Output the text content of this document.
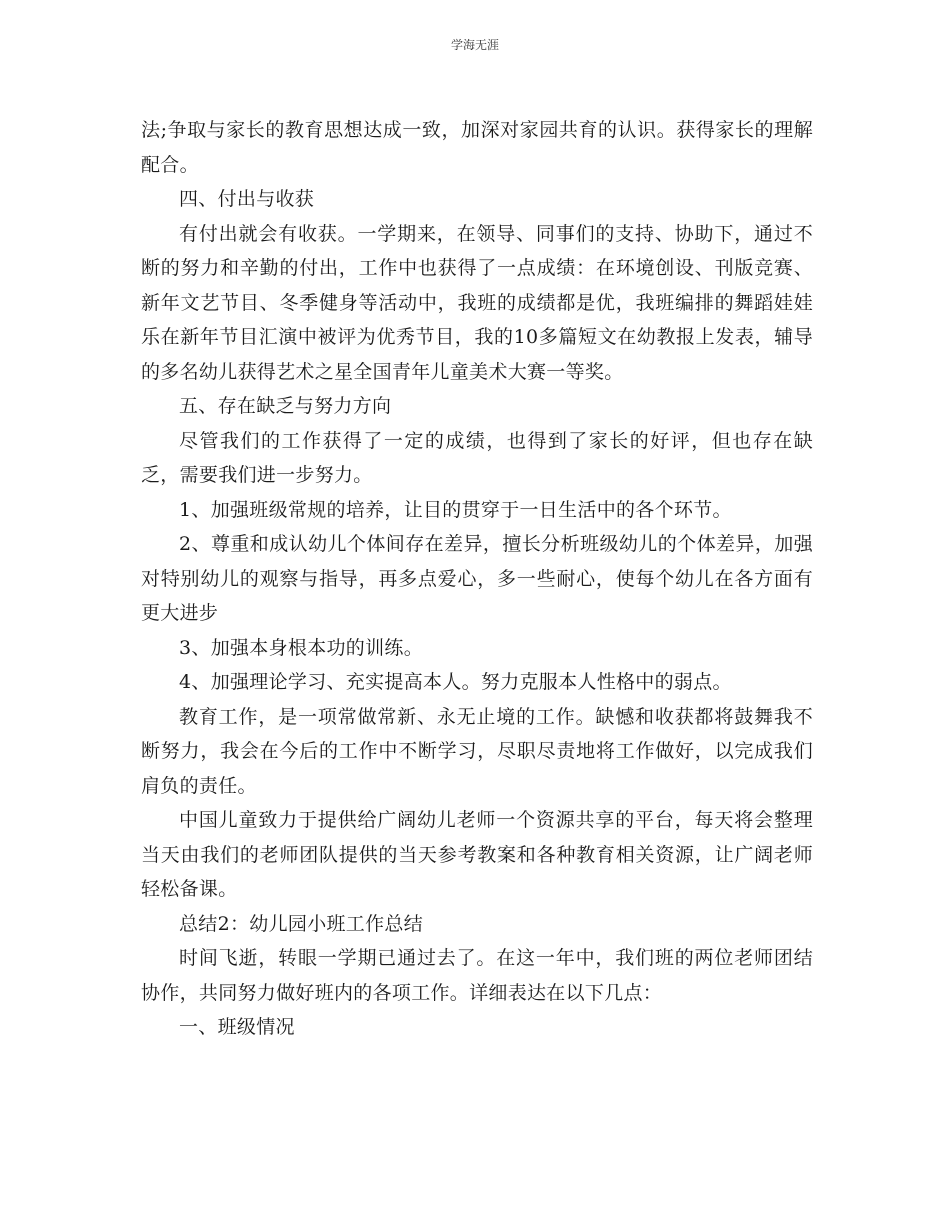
学海无涯

法;争取与家长的教育思想达成一致，加深对家园共育的认识。获得家长的理解配合。

四、付出与收获

有付出就会有收获。一学期来，在领导、同事们的支持、协助下，通过不断的努力和辛勤的付出，工作中也获得了一点成绩：在环境创设、刊版竞赛、新年文艺节目、冬季健身等活动中，我班的成绩都是优，我班编排的舞蹈娃娃乐在新年节目汇演中被评为优秀节目，我的10多篇短文在幼教报上发表，辅导的多名幼儿获得艺术之星全国青年儿童美术大赛一等奖。

五、存在缺乏与努力方向

尽管我们的工作获得了一定的成绩，也得到了家长的好评，但也存在缺乏，需要我们进一步努力。

1、加强班级常规的培养，让目的贯穿于一日生活中的各个环节。

2、尊重和成认幼儿个体间存在差异，擅长分析班级幼儿的个体差异，加强对特别幼儿的观察与指导，再多点爱心，多一些耐心，使每个幼儿在各方面有更大进步

3、加强本身根本功的训练。

4、加强理论学习、充实提高本人。努力克服本人性格中的弱点。

教育工作，是一项常做常新、永无止境的工作。缺憾和收获都将鼓舞我不断努力，我会在今后的工作中不断学习，尽职尽责地将工作做好，以完成我们肩负的责任。

中国儿童致力于提供给广阔幼儿老师一个资源共享的平台，每天将会整理当天由我们的老师团队提供的当天参考教案和各种教育相关资源，让广阔老师轻松备课。

总结2：幼儿园小班工作总结

时间飞逝，转眼一学期已通过去了。在这一年中，我们班的两位老师团结协作，共同努力做好班内的各项工作。详细表达在以下几点：

一、班级情况
